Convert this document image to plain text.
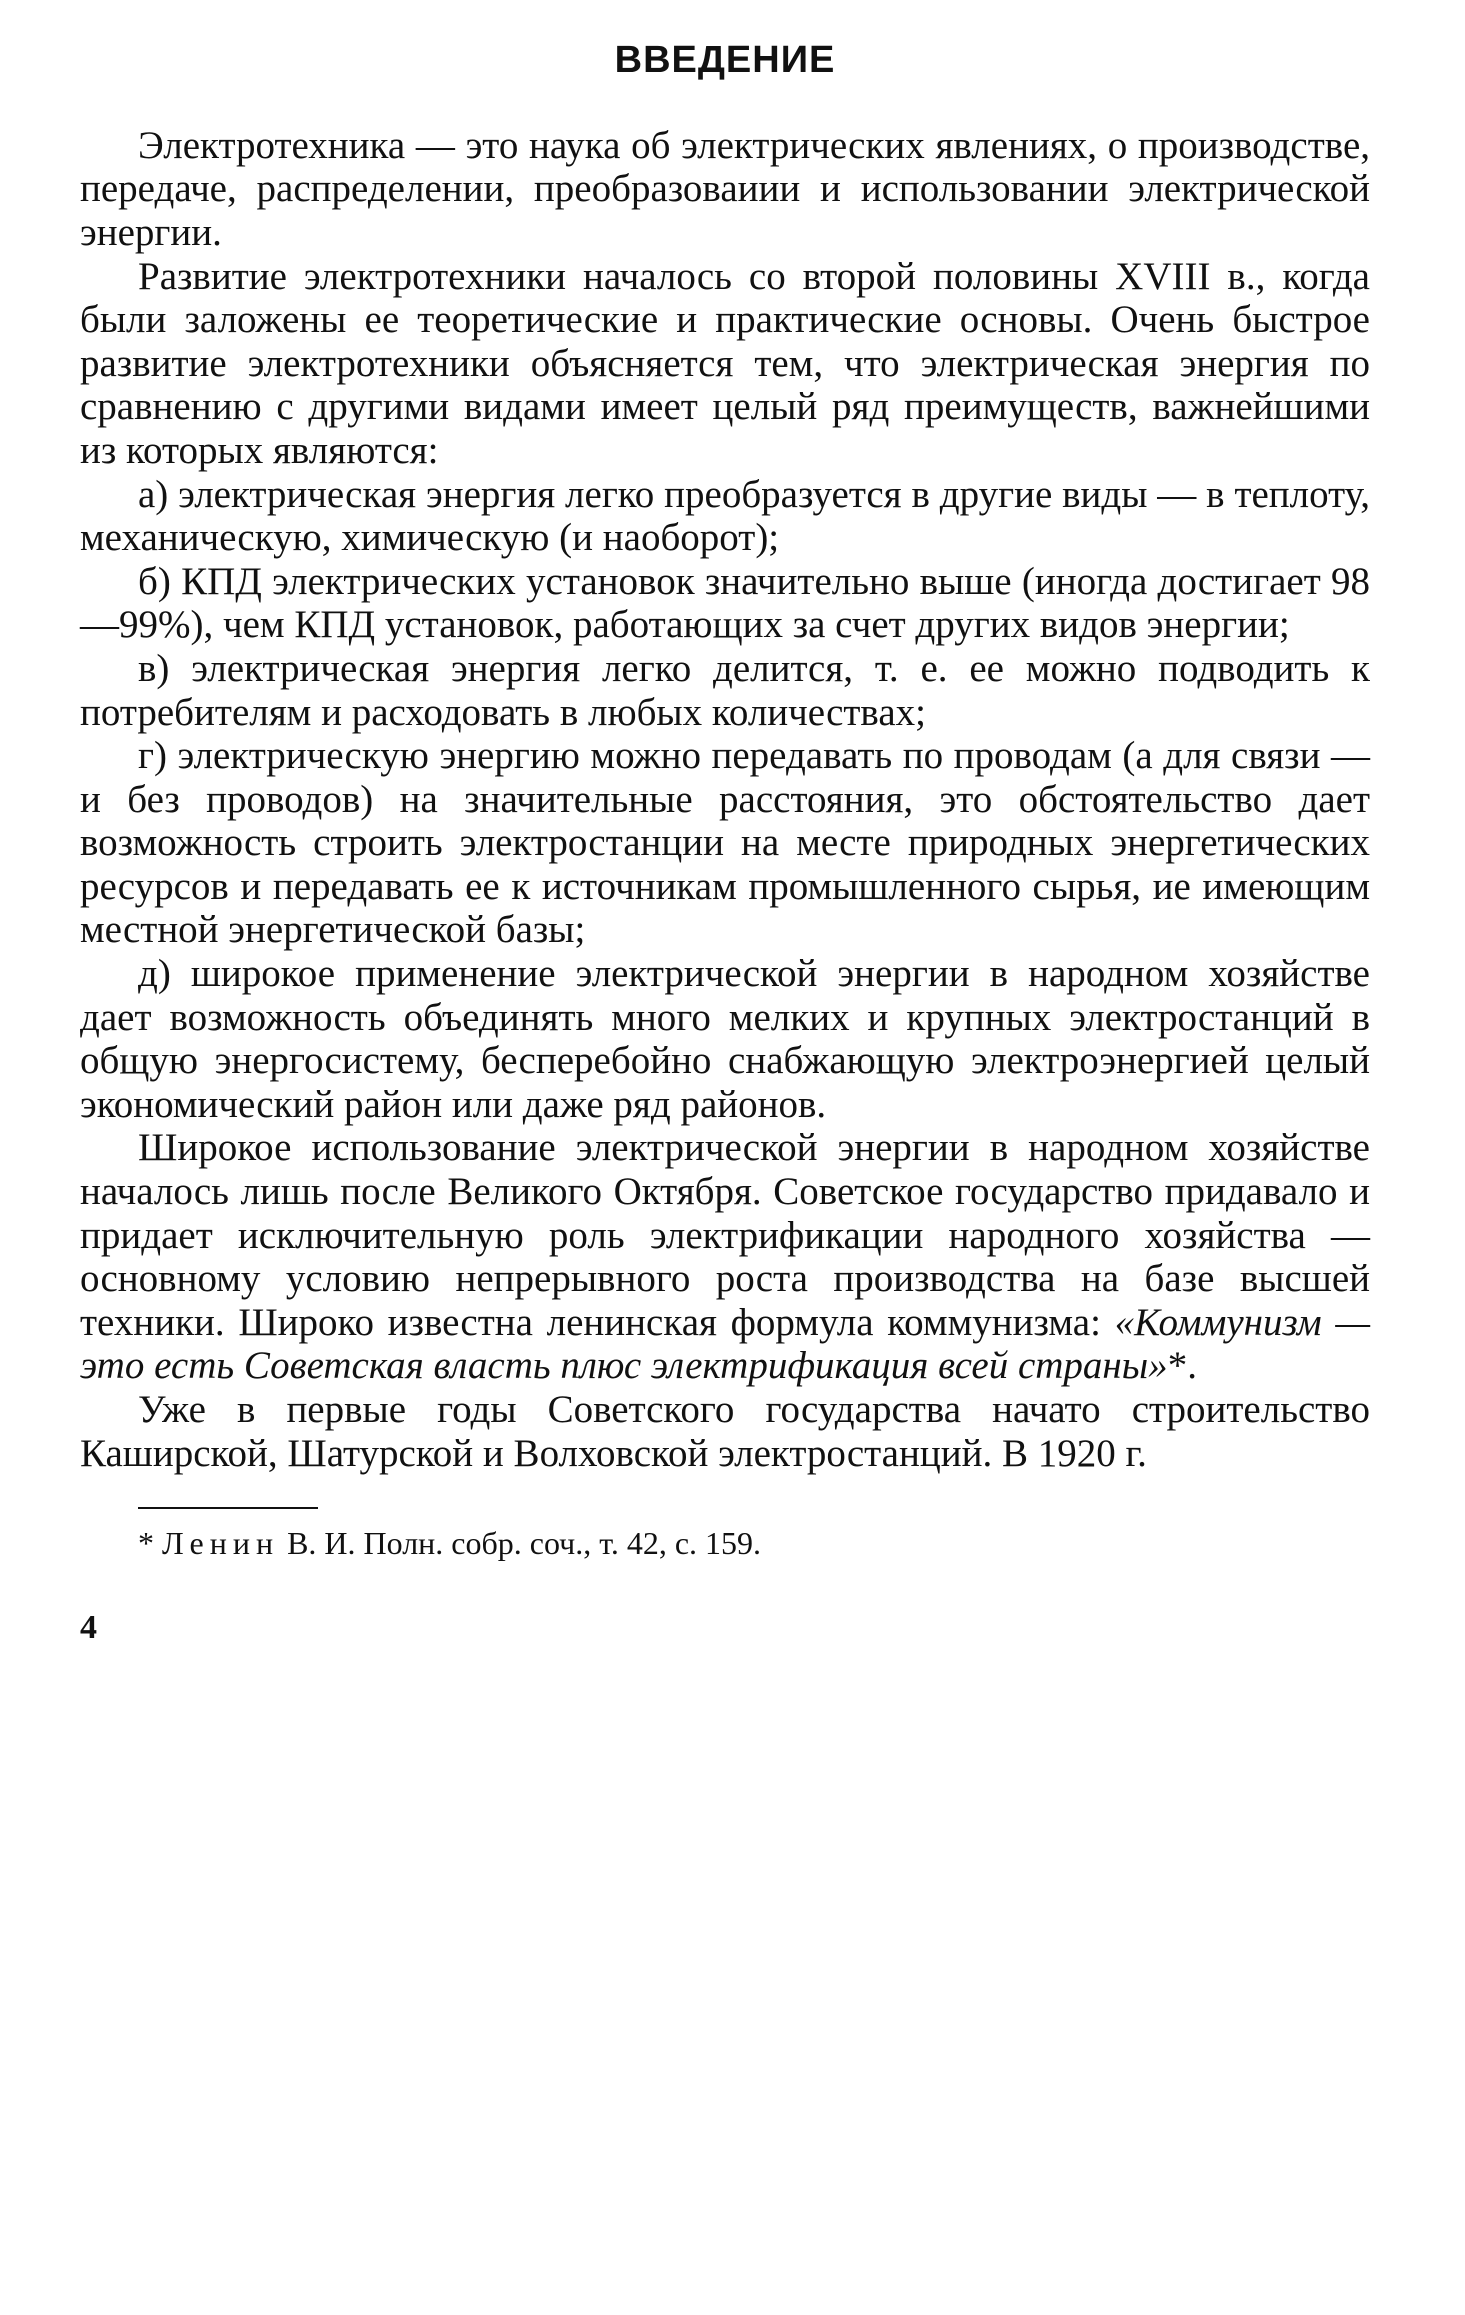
ВВЕДЕНИЕ

Электротехника — это наука об электрических явлениях, о производстве, передаче, распределении, преобразоваиии и использовании электрической энергии.

Развитие электротехники началось со второй половины XVIII в., когда были заложены ее теоретические и практические основы. Очень быстрое развитие электротехники объясняется тем, что электрическая энергия по сравнению с другими видами имеет целый ряд преимуществ, важнейшими из которых являются:

а) электрическая энергия легко преобразуется в другие виды — в теплоту, механическую, химическую (и наоборот);

б) КПД электрических установок значительно выше (иногда достигает 98—99%), чем КПД установок, работающих за счет других видов энергии;

в) электрическая энергия легко делится, т. е. ее можно подводить к потребителям и расходовать в любых количествах;

г) электрическую энергию можно передавать по проводам (а для связи — и без проводов) на значительные расстояния, это обстоятельство дает возможность строить электростанции на месте природных энергетических ресурсов и передавать ее к источникам промышленного сырья, ие имеющим местной энергетической базы;

д) широкое применение электрической энергии в народном хозяйстве дает возможность объединять много мелких и крупных электростанций в общую энергосистему, бесперебойно снабжающую электроэнергией целый экономический район или даже ряд районов.

Широкое использование электрической энергии в народном хозяйстве началось лишь после Великого Октября. Советское государство придавало и придает исключительную роль электрификации народного хозяйства — основному условию непрерывного роста производства на базе высшей техники. Широко известна ленинская формула коммунизма: «Коммунизм — это есть Советская власть плюс электрификация всей страны»*.

Уже в первые годы Советского государства начато строительство Каширской, Шатурской и Волховской электростанций. В 1920 г.

* Ленин В. И. Полн. собр. соч., т. 42, с. 159.
4
